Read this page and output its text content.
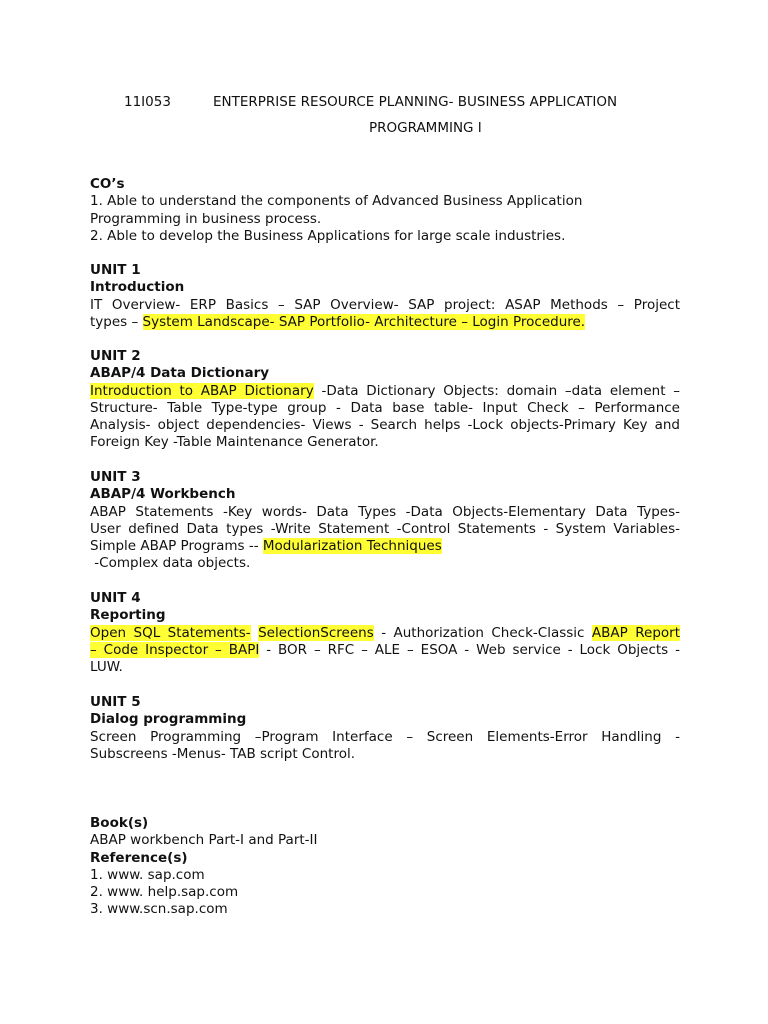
11I053	ENTERPRISE RESOURCE PLANNING- BUSINESS APPLICATION
PROGRAMMING I
CO’s
1. Able to understand the components of Advanced Business Application
Programming in business process.
2. Able to develop the Business Applications for large scale industries.
UNIT 1
Introduction
IT Overview- ERP Basics – SAP Overview- SAP project: ASAP Methods – Project
types – System Landscape- SAP Portfolio- Architecture – Login Procedure.
UNIT 2
ABAP/4 Data Dictionary
Introduction to ABAP Dictionary -Data Dictionary Objects: domain –data element –
Structure- Table Type-type group - Data base table- Input Check – Performance
Analysis- object dependencies- Views - Search helps -Lock objects-Primary Key and
Foreign Key -Table Maintenance Generator.
UNIT 3
ABAP/4 Workbench
ABAP Statements -Key words- Data Types -Data Objects-Elementary Data Types-
User defined Data types -Write Statement -Control Statements - System Variables-
Simple ABAP Programs -- Modularization Techniques
-Complex data objects.
UNIT 4
Reporting
Open SQL Statements- SelectionScreens - Authorization Check-Classic ABAP Report
– Code Inspector – BAPI - BOR – RFC – ALE – ESOA - Web service - Lock Objects -
LUW.
UNIT 5
Dialog programming
Screen Programming –Program Interface – Screen Elements-Error Handling -
Subscreens -Menus- TAB script Control.
Book(s)
ABAP workbench Part-I and Part-II
Reference(s)
1. www. sap.com
2. www. help.sap.com
3. www.scn.sap.com
